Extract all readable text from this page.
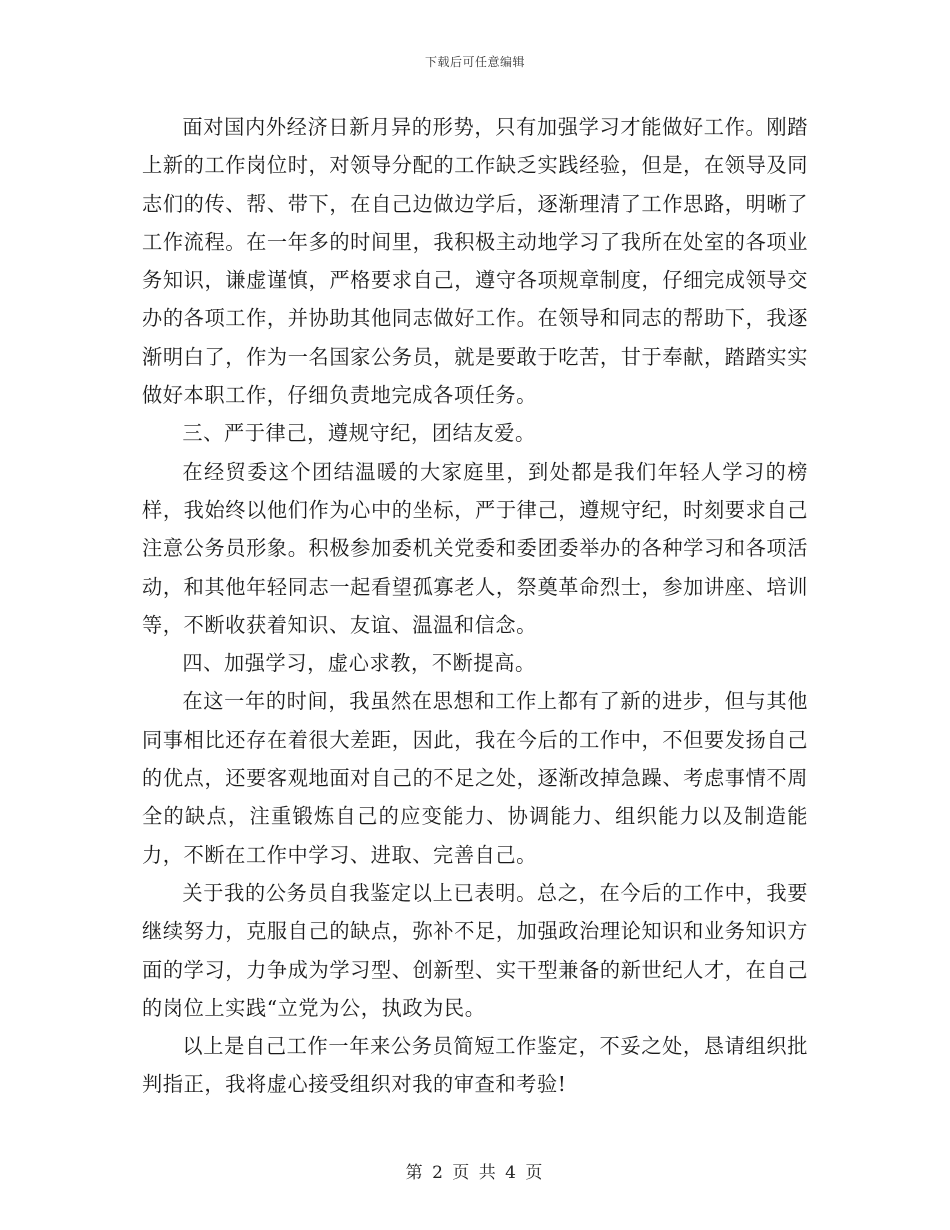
下载后可任意编辑

面对国内外经济日新月异的形势，只有加强学习才能做好工作。刚踏上新的工作岗位时，对领导分配的工作缺乏实践经验，但是，在领导及同志们的传、帮、带下，在自己边做边学后，逐渐理清了工作思路，明晰了工作流程。在一年多的时间里，我积极主动地学习了我所在处室的各项业务知识，谦虚谨慎，严格要求自己，遵守各项规章制度，仔细完成领导交办的各项工作，并协助其他同志做好工作。在领导和同志的帮助下，我逐渐明白了，作为一名国家公务员，就是要敢于吃苦，甘于奉献，踏踏实实做好本职工作，仔细负责地完成各项任务。

三、严于律己，遵规守纪，团结友爱。

在经贸委这个团结温暖的大家庭里，到处都是我们年轻人学习的榜样，我始终以他们作为心中的坐标，严于律己，遵规守纪，时刻要求自己注意公务员形象。积极参加委机关党委和委团委举办的各种学习和各项活动，和其他年轻同志一起看望孤寡老人，祭奠革命烈士，参加讲座、培训等，不断收获着知识、友谊、温温和信念。

四、加强学习，虚心求教，不断提高。

在这一年的时间，我虽然在思想和工作上都有了新的进步，但与其他同事相比还存在着很大差距，因此，我在今后的工作中，不但要发扬自己的优点，还要客观地面对自己的不足之处，逐渐改掉急躁、考虑事情不周全的缺点，注重锻炼自己的应变能力、协调能力、组织能力以及制造能力，不断在工作中学习、进取、完善自己。

关于我的公务员自我鉴定以上已表明。总之，在今后的工作中，我要继续努力，克服自己的缺点，弥补不足，加强政治理论知识和业务知识方面的学习，力争成为学习型、创新型、实干型兼备的新世纪人才，在自己的岗位上实践“立党为公，执政为民。

以上是自己工作一年来公务员简短工作鉴定，不妥之处，恳请组织批判指正，我将虚心接受组织对我的审查和考验!

第 2 页 共 4 页
